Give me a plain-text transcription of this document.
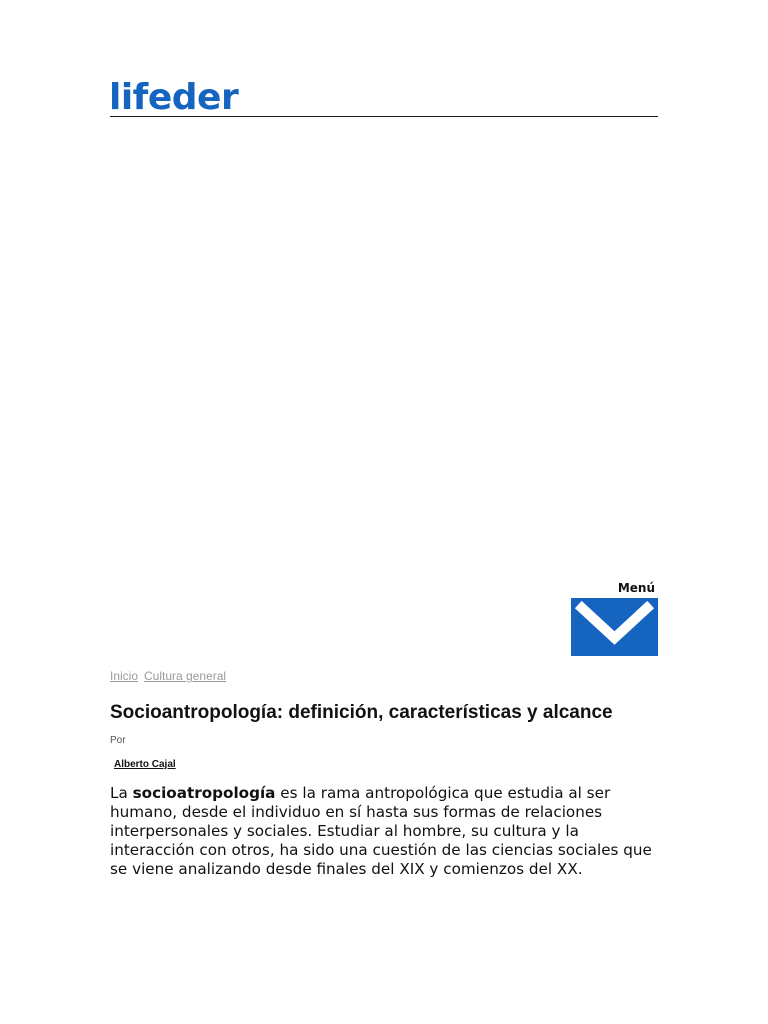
lifeder
Menú
Inicio Cultura general
Socioantropología: definición, características y alcance
Por
Alberto Cajal

La socioatropología es la rama antropológica que estudia al ser humano, desde el individuo en sí hasta sus formas de relaciones interpersonales y sociales. Estudiar al hombre, su cultura y la interacción con otros, ha sido una cuestión de las ciencias sociales que se viene analizando desde finales del XIX y comienzos del XX.
